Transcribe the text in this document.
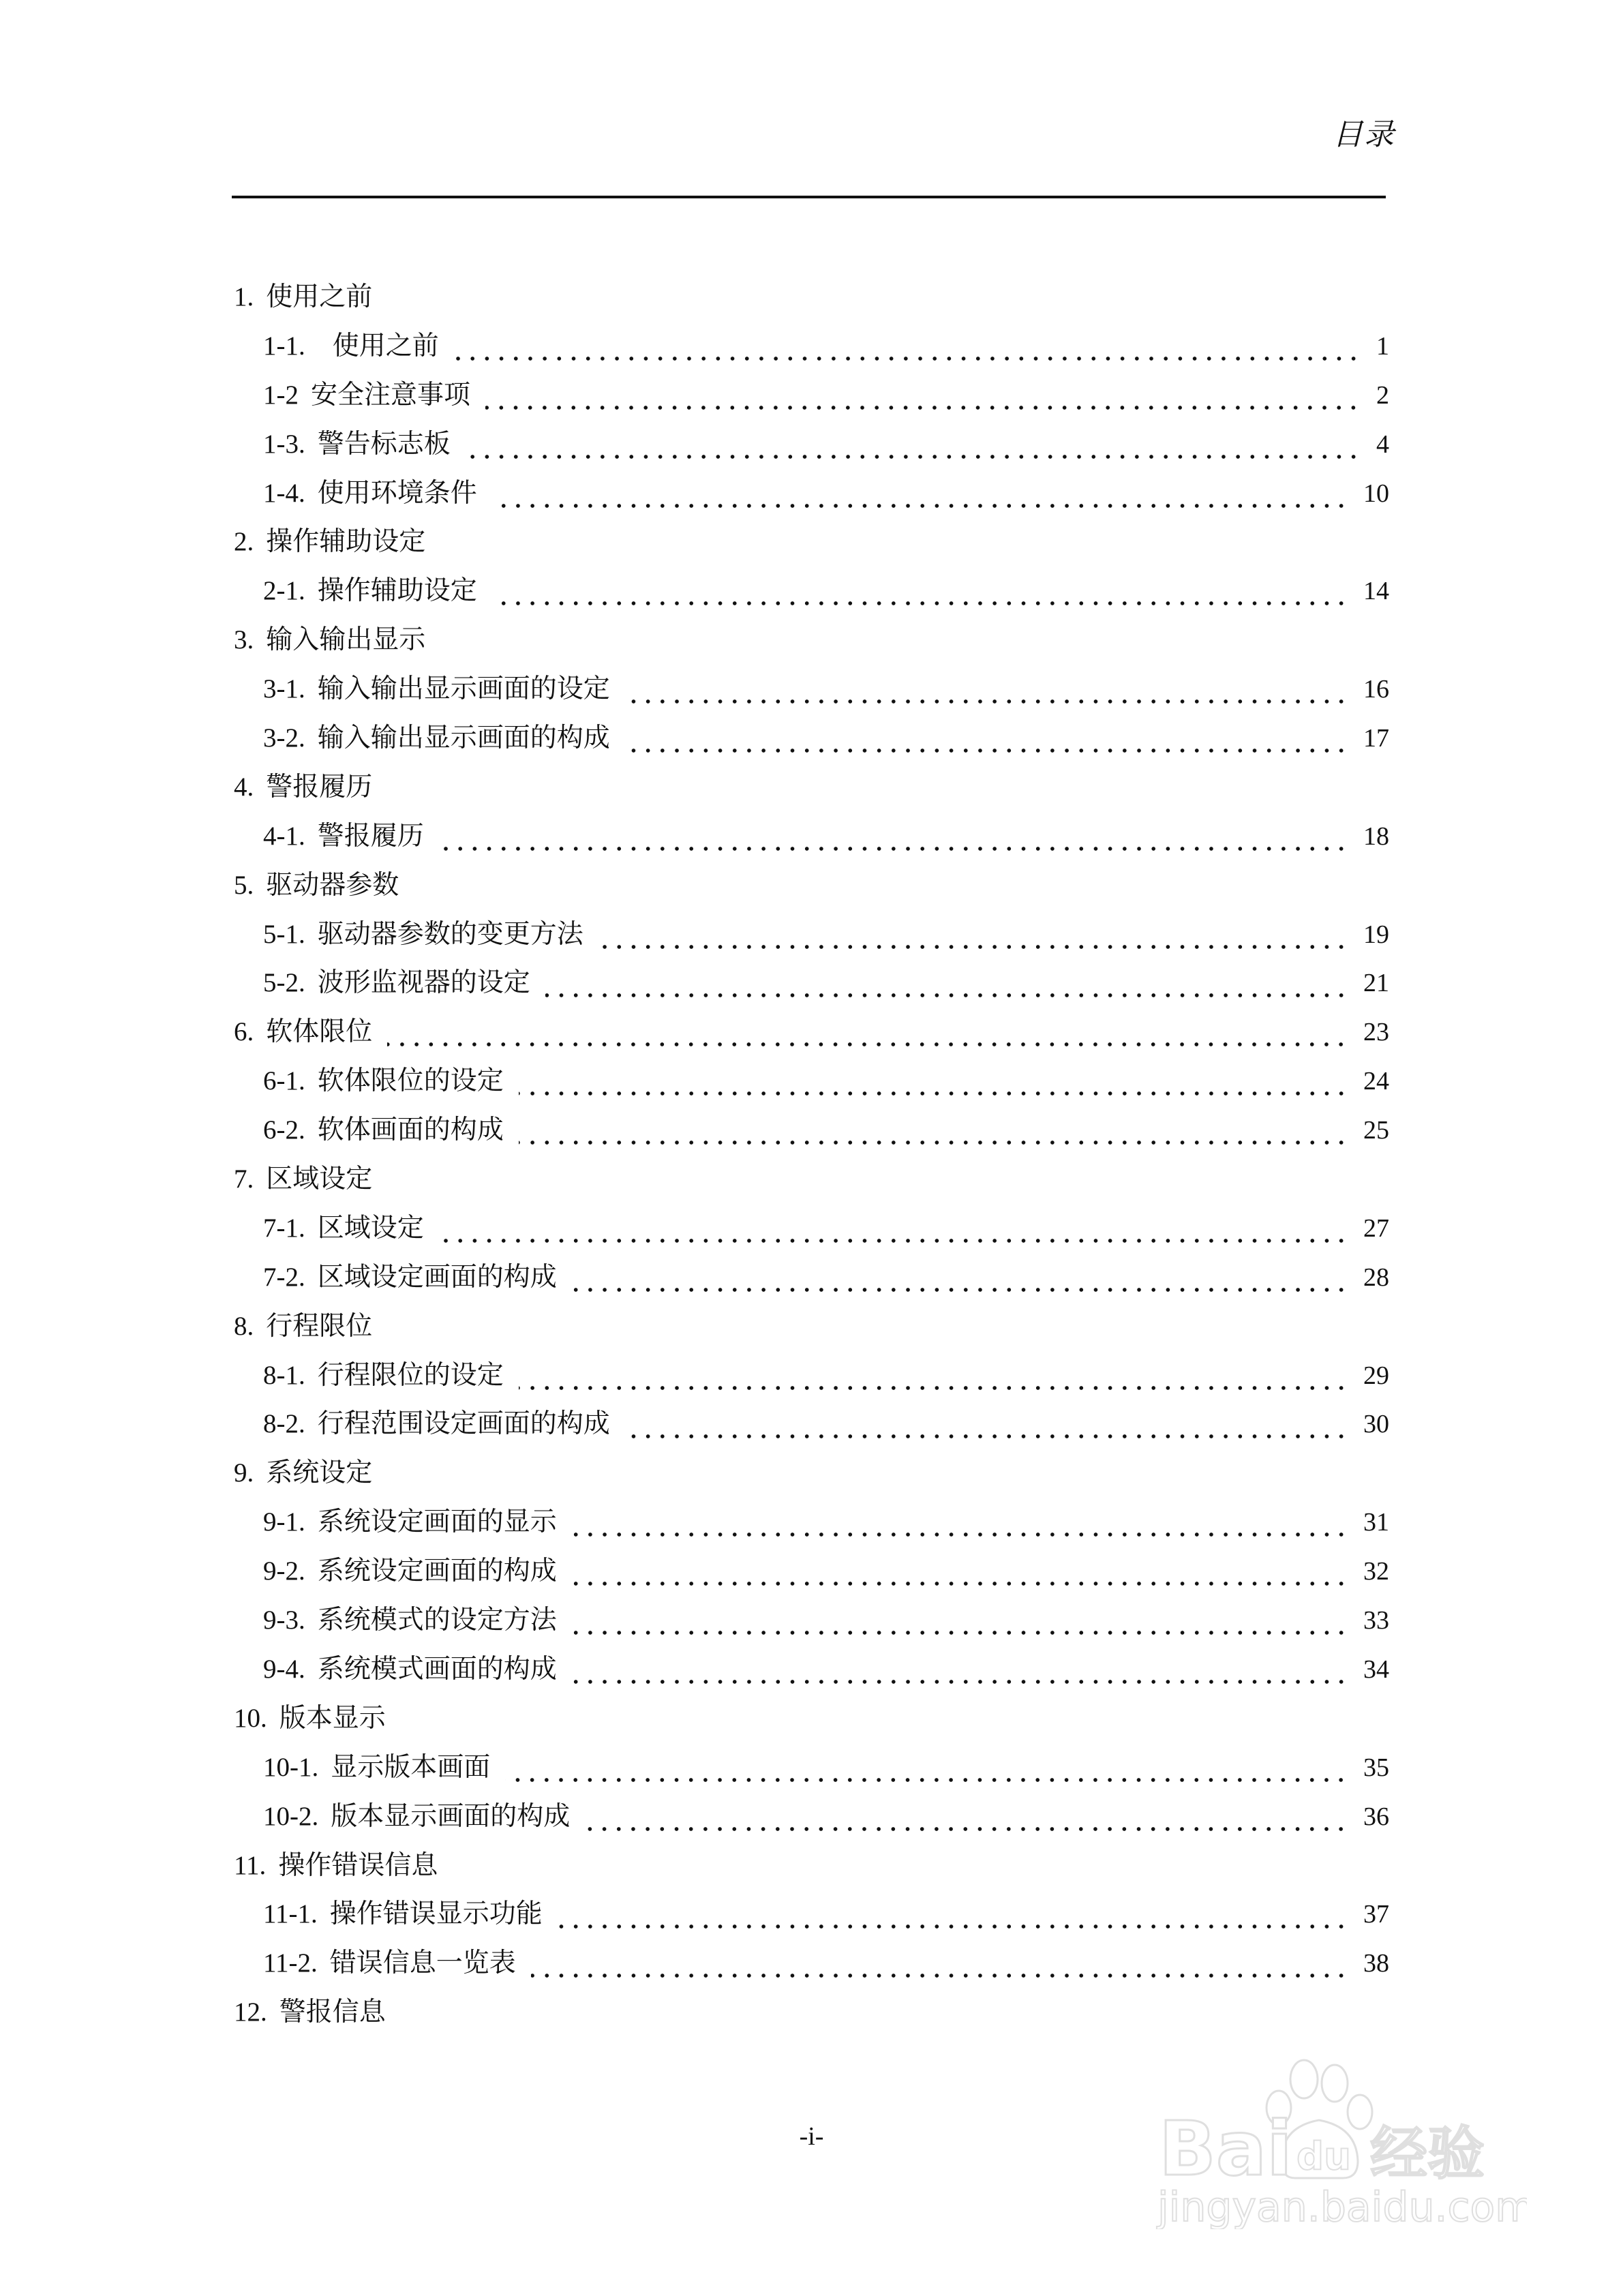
目录
1. 使用之前
1-1. 使用之前	1
1-2 安全注意事项	2
1-3. 警告标志板	4
1-4. 使用环境条件	10
2. 操作辅助设定
2-1. 操作辅助设定	14
3. 输入输出显示
3-1. 输入输出显示画面的设定	16
3-2. 输入输出显示画面的构成	17
4. 警报履历
4-1. 警报履历	18
5. 驱动器参数
5-1. 驱动器参数的变更方法	19
5-2. 波形监视器的设定	21
6. 软体限位	23
6-1. 软体限位的设定	24
6-2. 软体画面的构成	25
7. 区域设定
7-1. 区域设定	27
7-2. 区域设定画面的构成	28
8. 行程限位
8-1. 行程限位的设定	29
8-2. 行程范围设定画面的构成	30
9. 系统设定
9-1. 系统设定画面的显示	31
9-2. 系统设定画面的构成	32
9-3. 系统模式的设定方法	33
9-4. 系统模式画面的构成	34
10. 版本显示
10-1. 显示版本画面	35
10-2. 版本显示画面的构成	36
11. 操作错误信息
11-1. 操作错误显示功能	37
11-2. 错误信息一览表	38
12. 警报信息
-i-	Bai du 经验
jingyan.baidu.com
